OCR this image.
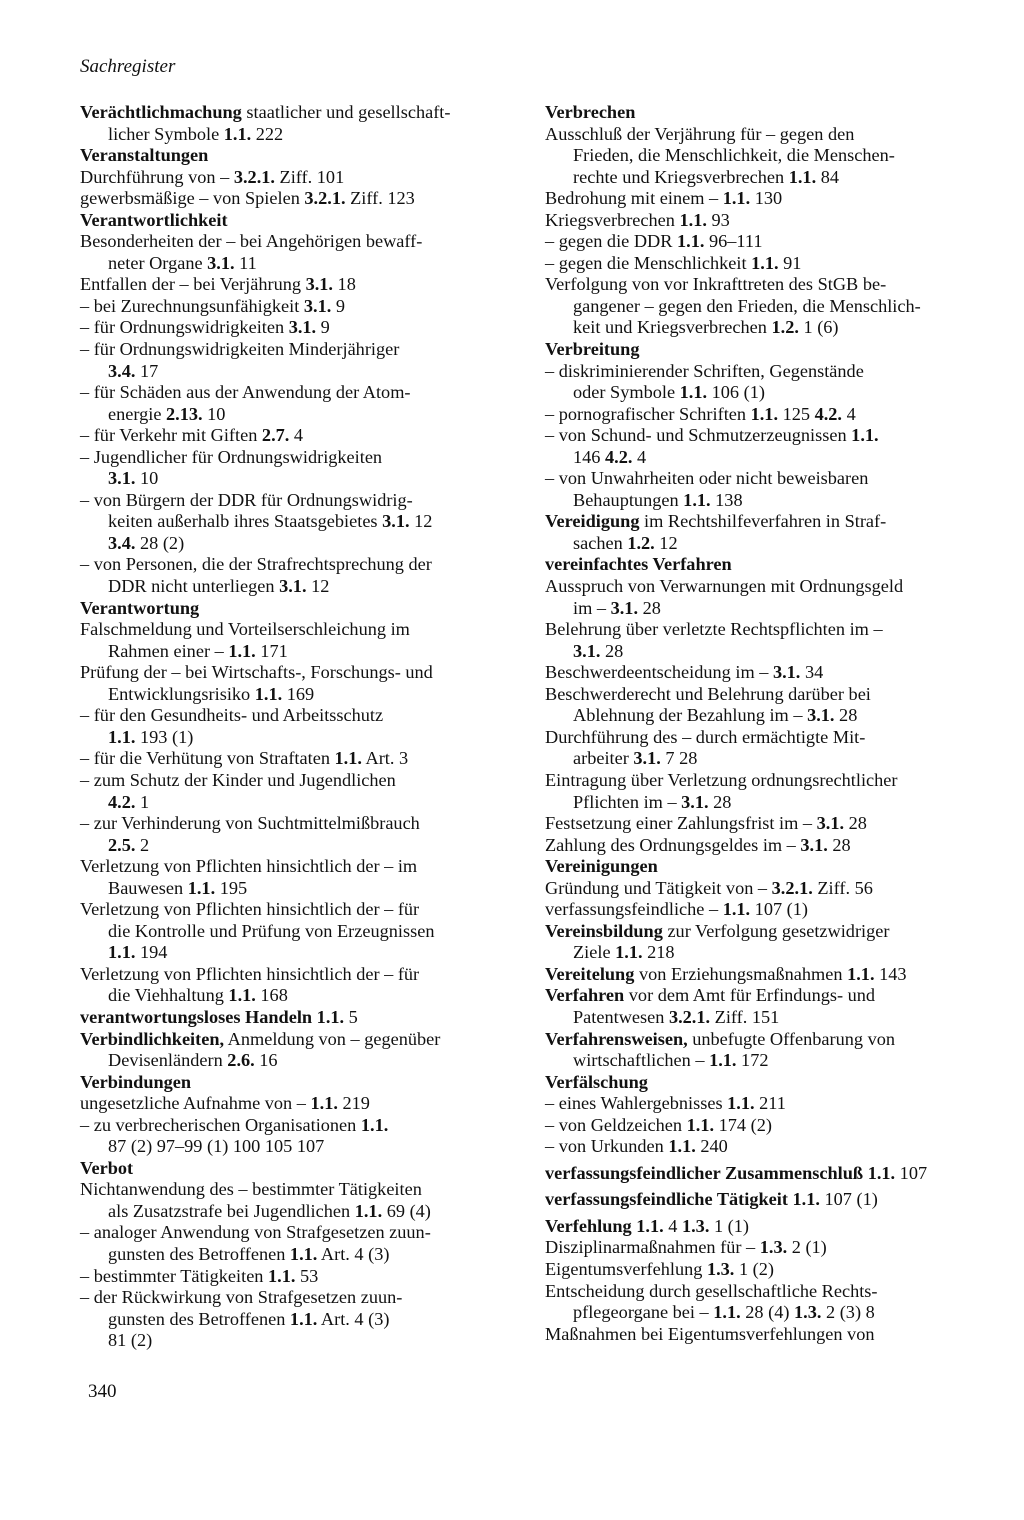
Sachregister
Verächtlichmachung staatlicher und gesellschaft-
licher Symbole 1.1. 222
Veranstaltungen
Durchführung von – 3.2.1. Ziff. 101
gewerbsmäßige – von Spielen 3.2.1. Ziff. 123
Verantwortlichkeit
Besonderheiten der – bei Angehörigen bewaff-
neter Organe 3.1. 11
Entfallen der – bei Verjährung 3.1. 18
– bei Zurechnungsunfähigkeit 3.1. 9
– für Ordnungswidrigkeiten 3.1. 9
– für Ordnungswidrigkeiten Minderjähriger
3.4. 17
– für Schäden aus der Anwendung der Atom-
energie 2.13. 10
– für Verkehr mit Giften 2.7. 4
– Jugendlicher für Ordnungswidrigkeiten
3.1. 10
– von Bürgern der DDR für Ordnungswidrig-
keiten außerhalb ihres Staatsgebietes 3.1. 12
3.4. 28 (2)
– von Personen, die der Strafrechtsprechung der
DDR nicht unterliegen 3.1. 12
Verantwortung
Falschmeldung und Vorteilserschleichung im
Rahmen einer – 1.1. 171
Prüfung der – bei Wirtschafts-, Forschungs- und
Entwicklungsrisiko 1.1. 169
– für den Gesundheits- und Arbeitsschutz
1.1. 193 (1)
– für die Verhütung von Straftaten 1.1. Art. 3
– zum Schutz der Kinder und Jugendlichen
4.2. 1
– zur Verhinderung von Suchtmittelmißbrauch
2.5. 2
Verletzung von Pflichten hinsichtlich der – im
Bauwesen 1.1. 195
Verletzung von Pflichten hinsichtlich der – für
die Kontrolle und Prüfung von Erzeugnissen
1.1. 194
Verletzung von Pflichten hinsichtlich der – für
die Viehhaltung 1.1. 168
verantwortungsloses Handeln 1.1. 5
Verbindlichkeiten, Anmeldung von – gegenüber
Devisenländern 2.6. 16
Verbindungen
ungesetzliche Aufnahme von – 1.1. 219
– zu verbrecherischen Organisationen 1.1.
87 (2) 97–99 (1) 100 105 107
Verbot
Nichtanwendung des – bestimmter Tätigkeiten
als Zusatzstrafe bei Jugendlichen 1.1. 69 (4)
– analoger Anwendung von Strafgesetzen zuun-
gunsten des Betroffenen 1.1. Art. 4 (3)
– bestimmter Tätigkeiten 1.1. 53
– der Rückwirkung von Strafgesetzen zuun-
gunsten des Betroffenen 1.1. Art. 4 (3)
81 (2)
Verbrechen
Ausschluß der Verjährung für – gegen den
Frieden, die Menschlichkeit, die Menschen-
rechte und Kriegsverbrechen 1.1. 84
Bedrohung mit einem – 1.1. 130
Kriegsverbrechen 1.1. 93
– gegen die DDR 1.1. 96–111
– gegen die Menschlichkeit 1.1. 91
Verfolgung von vor Inkrafttreten des StGB be-
gangener – gegen den Frieden, die Menschlich-
keit und Kriegsverbrechen 1.2. 1 (6)
Verbreitung
– diskriminierender Schriften, Gegenstände
oder Symbole 1.1. 106 (1)
– pornografischer Schriften 1.1. 125 4.2. 4
– von Schund- und Schmutzerzeugnissen 1.1.
146 4.2. 4
– von Unwahrheiten oder nicht beweisbaren
Behauptungen 1.1. 138
Vereidigung im Rechtshilfeverfahren in Straf-
sachen 1.2. 12
vereinfachtes Verfahren
Ausspruch von Verwarnungen mit Ordnungsgeld
im – 3.1. 28
Belehrung über verletzte Rechtspflichten im –
3.1. 28
Beschwerdeentscheidung im – 3.1. 34
Beschwerderecht und Belehrung darüber bei
Ablehnung der Bezahlung im – 3.1. 28
Durchführung des – durch ermächtigte Mit-
arbeiter 3.1. 7 28
Eintragung über Verletzung ordnungsrechtlicher
Pflichten im – 3.1. 28
Festsetzung einer Zahlungsfrist im – 3.1. 28
Zahlung des Ordnungsgeldes im – 3.1. 28
Vereinigungen
Gründung und Tätigkeit von – 3.2.1. Ziff. 56
verfassungsfeindliche – 1.1. 107 (1)
Vereinsbildung zur Verfolgung gesetzwidriger
Ziele 1.1. 218
Vereitelung von Erziehungsmaßnahmen 1.1. 143
Verfahren vor dem Amt für Erfindungs- und
Patentwesen 3.2.1. Ziff. 151
Verfahrensweisen, unbefugte Offenbarung von
wirtschaftlichen – 1.1. 172
Verfälschung
– eines Wahlergebnisses 1.1. 211
– von Geldzeichen 1.1. 174 (2)
– von Urkunden 1.1. 240
verfassungsfeindlicher Zusammenschluß 1.1. 107
verfassungsfeindliche Tätigkeit 1.1. 107 (1)
Verfehlung 1.1. 4 1.3. 1 (1)
Disziplinarmaßnahmen für – 1.3. 2 (1)
Eigentumsverfehlung 1.3. 1 (2)
Entscheidung durch gesellschaftliche Rechts-
pflegeorgane bei – 1.1. 28 (4) 1.3. 2 (3) 8
Maßnahmen bei Eigentumsverfehlungen von
340
